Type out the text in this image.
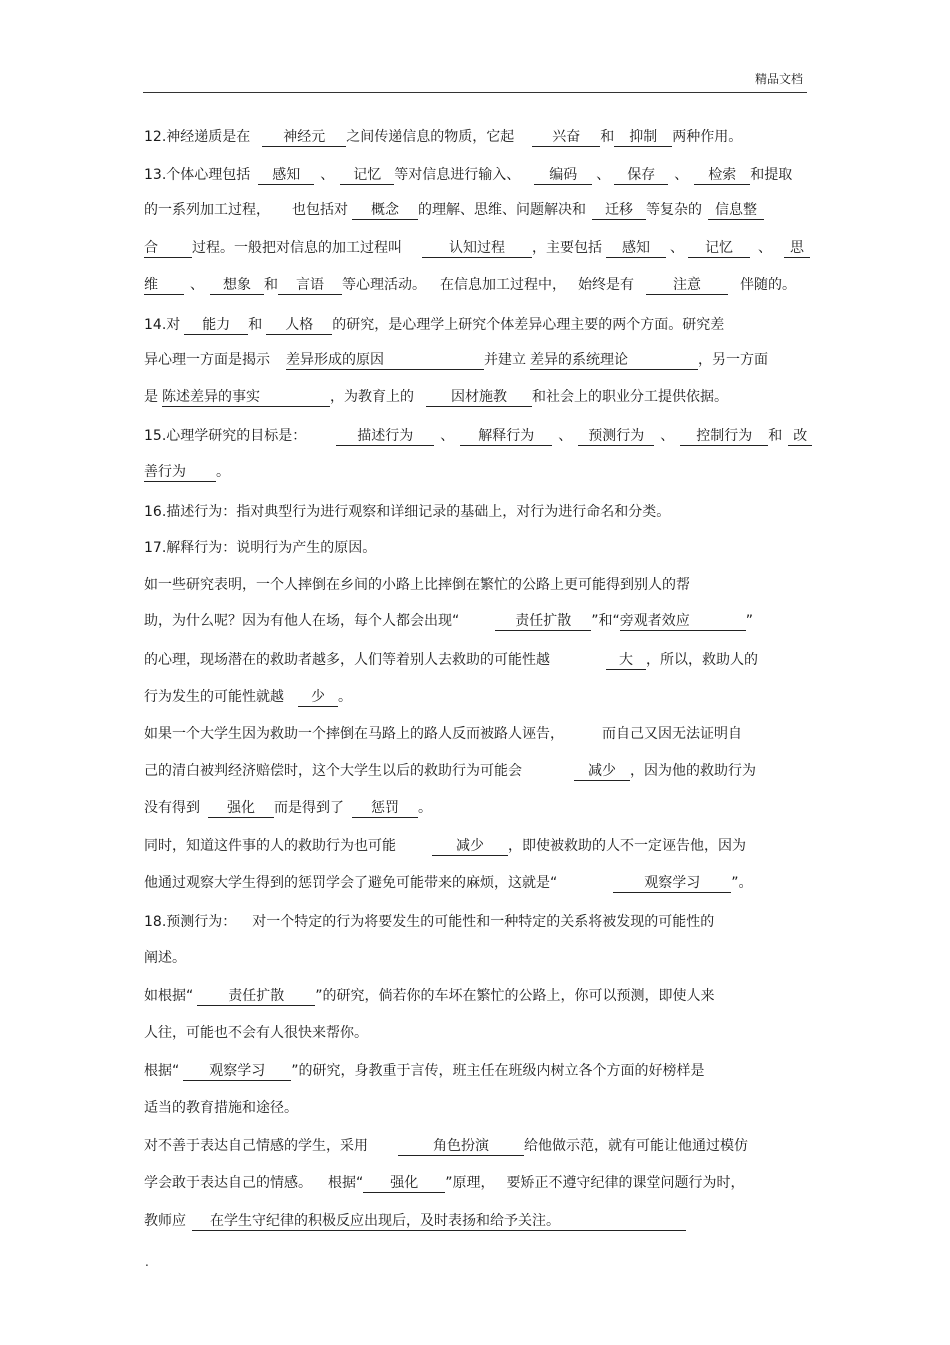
精品文档
12.神经递质是在 神经元 之间传递信息的物质，它起	兴奋 和 抑制 两种作用。
13.个体心理包括 感知 、 记忆 等对信息进行输入、 编码 、 保存 、 检索 和提取
的一系列加工过程， 也包括对 概念 的理解、思维、问题解决和 迁移 等复杂的 信息整
合 过程。一般把对信息的加工过程叫	认知过程 ，主要包括 感知 、 记忆 、 思
维 、 想象 和 言语 等心理活动。 在信息加工过程中， 始终是有	注意	伴随的。
14.对 能力 和 人格 的研究，是心理学上研究个体差异心理主要的两个方面。研究差
异心理一方面是揭示 差异形成的原因	并建立 差异的系统理论	，另一方面
是 陈述差异的事实	，为教育上的	因材施教 和社会上的职业分工提供依据。
15.心理学研究的目标是：	描述行为 、 解释行为 、 预测行为 、 控制行为 和 改
善行为 。
16.描述行为：指对典型行为进行观察和详细记录的基础上，对行为进行命名和分类。
17.解释行为：说明行为产生的原因。
如一些研究表明，一个人摔倒在乡间的小路上比摔倒在繁忙的公路上更可能得到别人的帮
助，为什么呢？因为有他人在场，每个人都会出现“	责任扩散 ”和“旁观者效应	”
的心理，现场潜在的救助者越多，人们等着别人去救助的可能性越	大 ，所以，救助人的
行为发生的可能性就越 少 。
如果一个大学生因为救助一个摔倒在马路上的路人反而被路人诬告，	而自己又因无法证明自
己的清白被判经济赔偿时，这个大学生以后的救助行为可能会	减少 ，因为他的救助行为
没有得到 强化 而是得到了 惩罚 。
同时，知道这件事的人的救助行为也可能	减少 ，即使被救助的人不一定诬告他，因为
他通过观察大学生得到的惩罚学会了避免可能带来的麻烦，这就是“	观察学习 ”。
18.预测行为： 对一个特定的行为将要发生的可能性和一种特定的关系将被发现的可能性的
阐述。
如根据“	责任扩散 ”的研究，倘若你的车坏在繁忙的公路上，你可以预测，即使人来
人往，可能也不会有人很快来帮你。
根据“ 观察学习 ”的研究，身教重于言传，班主任在班级内树立各个方面的好榜样是
适当的教育措施和途径。
对不善于表达自己情感的学生，采用	角色扮演	给他做示范，就有可能让他通过模仿
学会敢于表达自己的情感。 根据“ 强化 ”原理， 要矫正不遵守纪律的课堂问题行为时，
教师应 在学生守纪律的积极反应出现后，及时表扬和给予关注。
.
